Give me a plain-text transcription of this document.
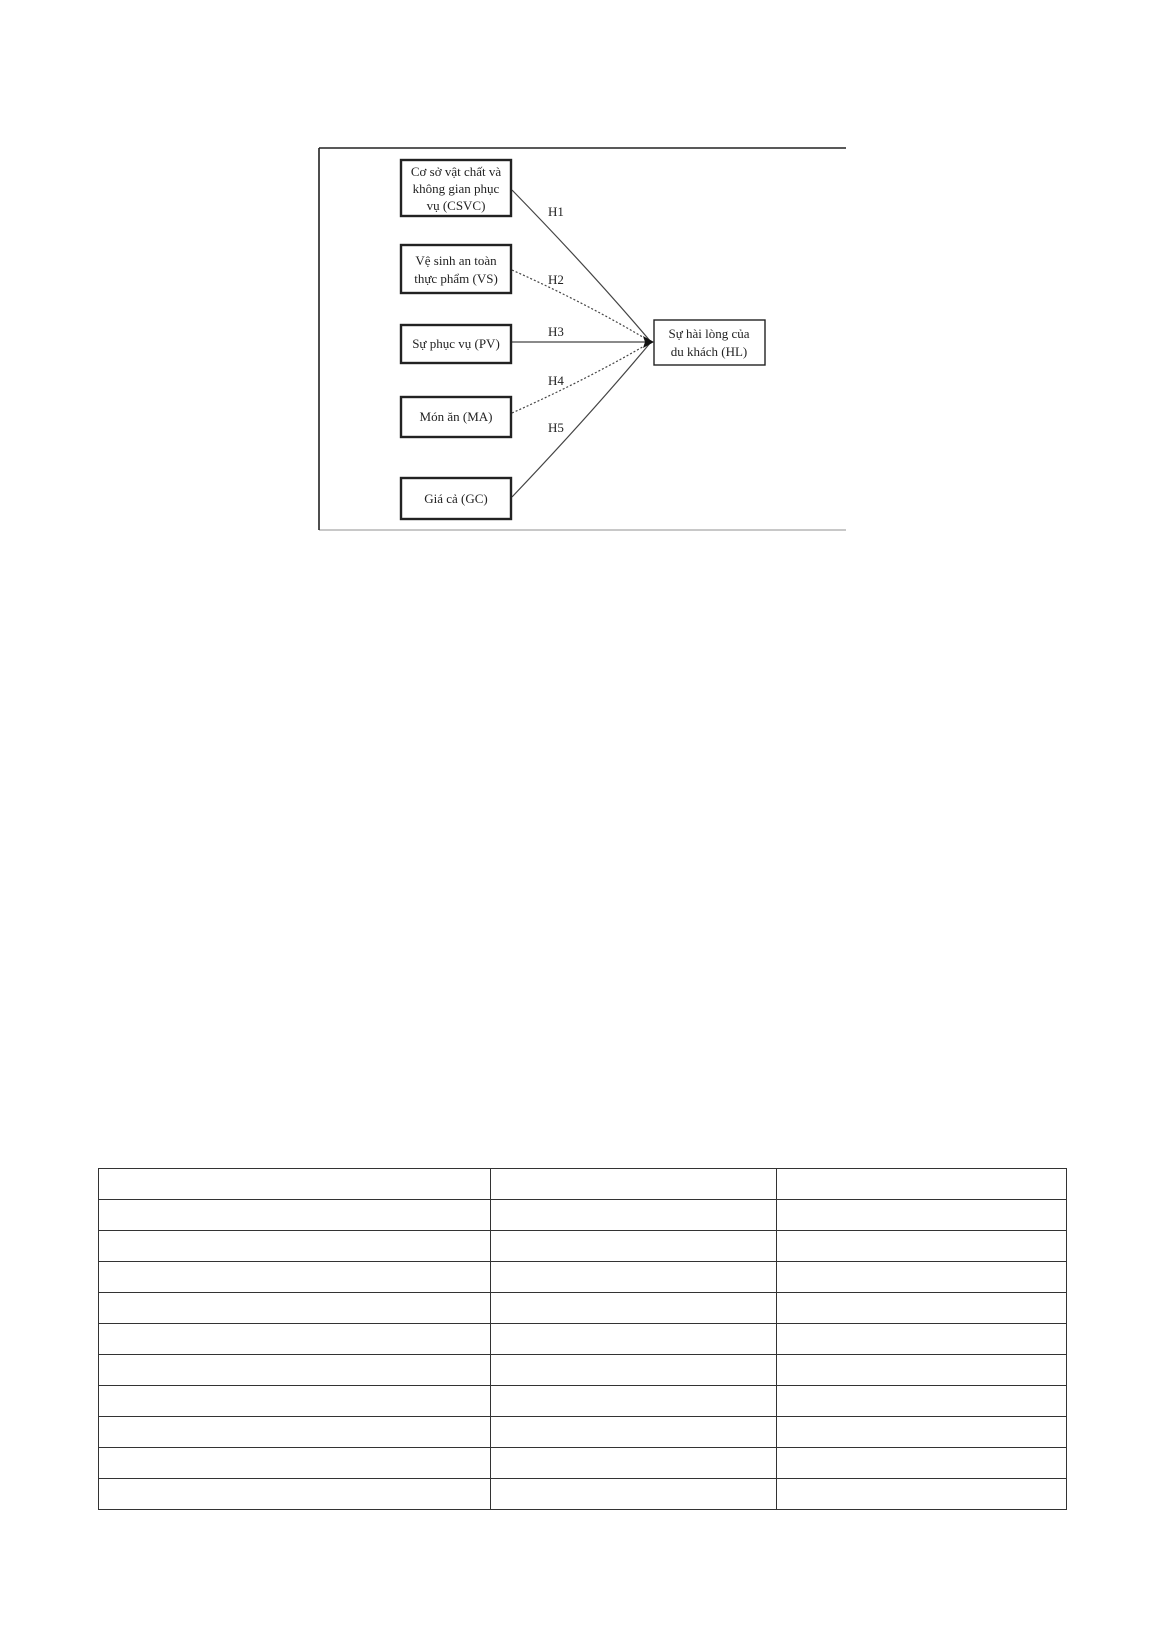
H1
H2
H3
H4
H5
Cơ sở vật chất và
không gian phục
vụ (CSVC)
Vệ sinh an toàn
thực phẩm (VS)
Sự phục vụ (PV)
Món ăn (MA)
Giá cả (GC)
Sự hài lòng của
du khách (HL)
